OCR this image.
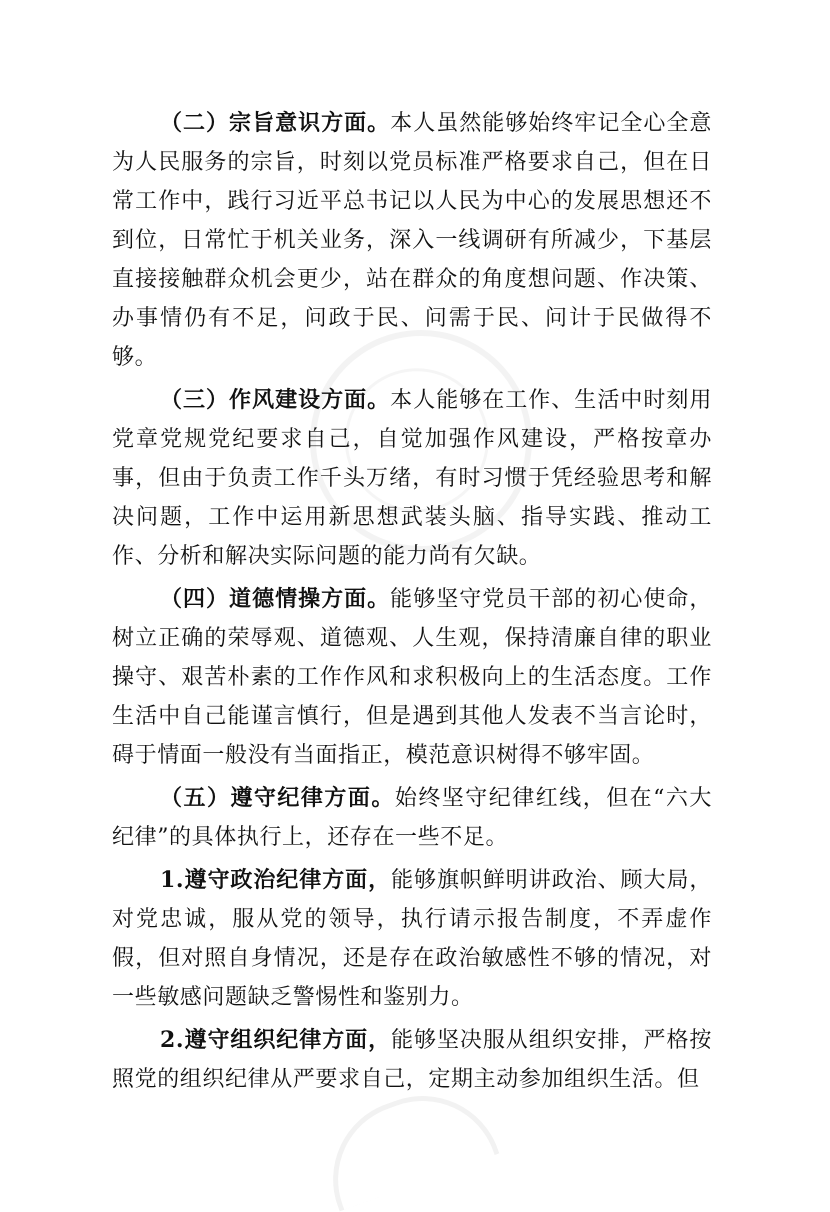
（二）宗旨意识方面。本人虽然能够始终牢记全心全意为人民服务的宗旨，时刻以党员标准严格要求自己，但在日常工作中，践行习近平总书记以人民为中心的发展思想还不到位，日常忙于机关业务，深入一线调研有所减少，下基层直接接触群众机会更少，站在群众的角度想问题、作决策、办事情仍有不足，问政于民、问需于民、问计于民做得不够。

（三）作风建设方面。本人能够在工作、生活中时刻用党章党规党纪要求自己，自觉加强作风建设，严格按章办事，但由于负责工作千头万绪，有时习惯于凭经验思考和解决问题，工作中运用新思想武装头脑、指导实践、推动工作、分析和解决实际问题的能力尚有欠缺。

（四）道德情操方面。能够坚守党员干部的初心使命，树立正确的荣辱观、道德观、人生观，保持清廉自律的职业操守、艰苦朴素的工作作风和求积极向上的生活态度。工作生活中自己能谨言慎行，但是遇到其他人发表不当言论时，碍于情面一般没有当面指正，模范意识树得不够牢固。

（五）遵守纪律方面。始终坚守纪律红线，但在“六大纪律”的具体执行上，还存在一些不足。

1.遵守政治纪律方面，能够旗帜鲜明讲政治、顾大局，对党忠诚，服从党的领导，执行请示报告制度，不弄虚作假，但对照自身情况，还是存在政治敏感性不够的情况，对一些敏感问题缺乏警惕性和鉴别力。

2.遵守组织纪律方面，能够坚决服从组织安排，严格按照党的组织纪律从严要求自己，定期主动参加组织生活。但
